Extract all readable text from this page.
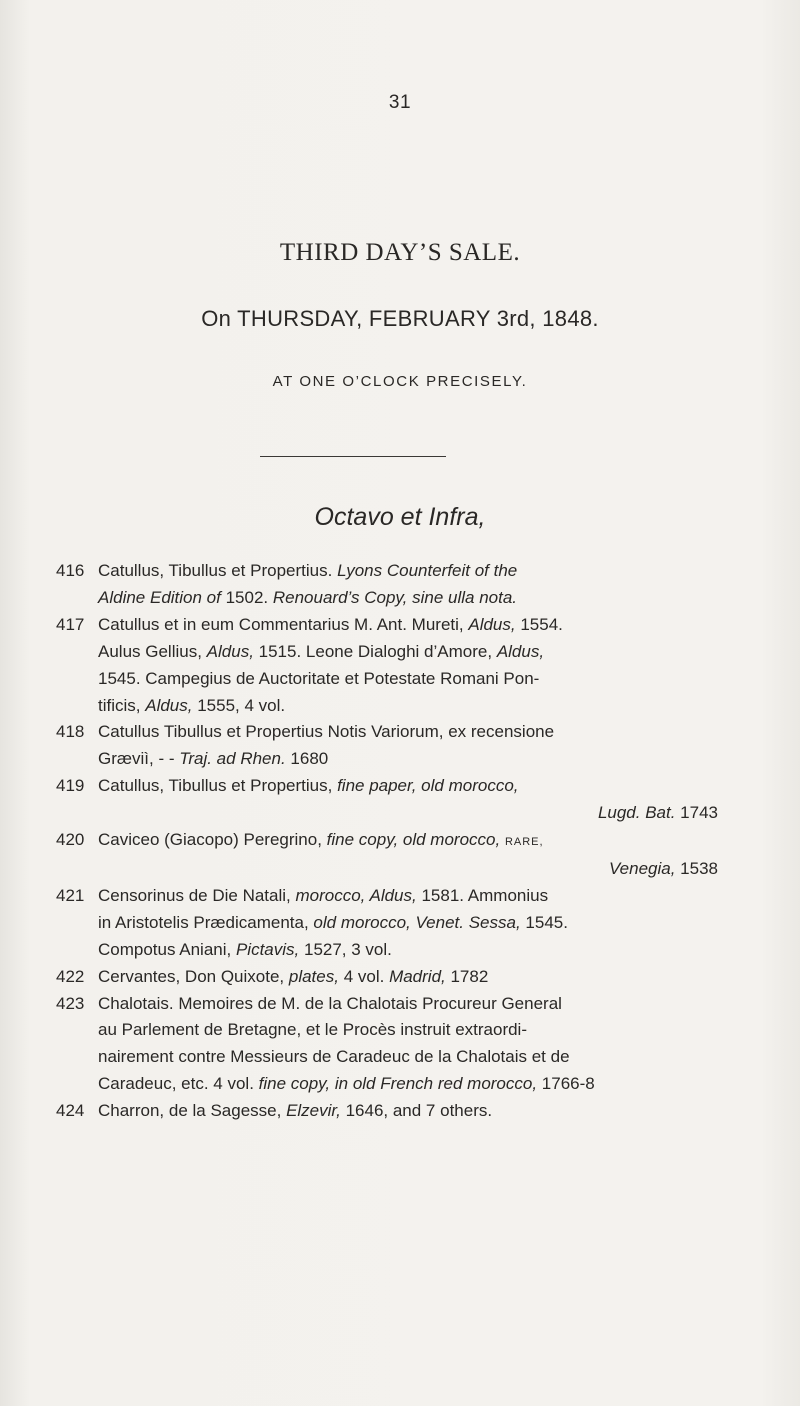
31
THIRD DAY’S SALE.
On THURSDAY, FEBRUARY 3rd, 1848.
AT ONE O’CLOCK PRECISELY.
Octavo et Infra,
416 Catullus, Tibullus et Propertius. Lyons Counterfeit of the
Aldine Edition of 1502. Renouard’s Copy, sine ulla nota.
417 Catullus et in eum Commentarius M. Ant. Mureti, Aldus, 1554.
Aulus Gellius, Aldus, 1515. Leone Dialoghi d’Amore, Aldus,
1545. Campegius de Auctoritate et Potestate Romani Pon-
tificis, Aldus, 1555, 4 vol.
418 Catullus Tibullus et Propertius Notis Variorum, ex recensione
Græviì, - - Traj. ad Rhen. 1680
419 Catullus, Tibullus et Propertius, fine paper, old morocco,
Lugd. Bat. 1743
420 Caviceo (Giacopo) Peregrino, fine copy, old morocco, RARE,
Venegia, 1538
421 Censorinus de Die Natali, morocco, Aldus, 1581. Ammonius
in Aristotelis Prædicamenta, old morocco, Venet. Sessa, 1545.
Compotus Aniani, Pictavis, 1527, 3 vol.
422 Cervantes, Don Quixote, plates, 4 vol. Madrid, 1782
423 Chalotais. Memoires de M. de la Chalotais Procureur General
au Parlement de Bretagne, et le Procès instruit extraordi-
nairement contre Messieurs de Caradeuc de la Chalotais et de
Caradeuc, etc. 4 vol. fine copy, in old French red morocco, 1766-8
424 Charron, de la Sagesse, Elzevir, 1646, and 7 others.
